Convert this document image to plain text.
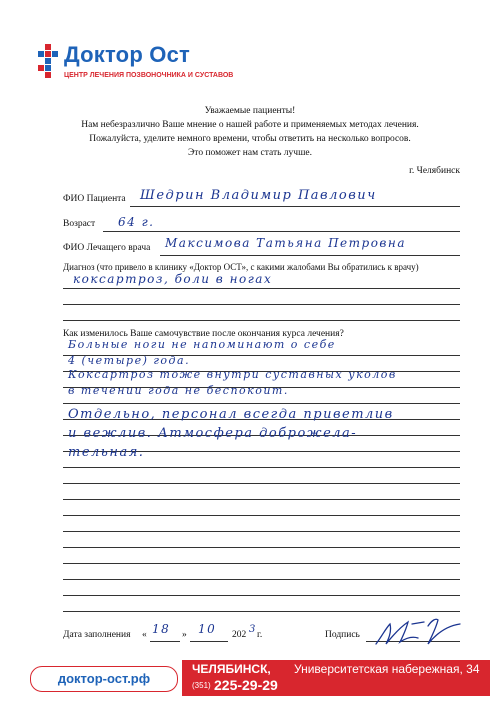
Доктор Ост
ЦЕНТР ЛЕЧЕНИЯ ПОЗВОНОЧНИКА И СУСТАВОВ
Уважаемые пациенты!
Нам небезразлично Ваше мнение о нашей работе и применяемых методах лечения.
Пожалуйста, уделите немного времени, чтобы ответить на несколько вопросов.
Это поможет нам стать лучше.
г. Челябинск
ФИО Пациента Шедрин Владимир Павлович
Возраст 64 г.
ФИО Лечащего врача Максимова Татьяна Петровна
Диагноз (что привело в клинику «Доктор ОСТ», с какими жалобами Вы обратились к врачу)
коксартроз, боли в ногах
Как изменилось Ваше самочувствие после окончания курса лечения?
Больные ноги не напоминают о себе
4 (четыре) года.
Коксартроз тоже внутри суставных уколов
в течении года не беспокоит.
Отдельно, персонал всегда приветлив
и вежлив. Атмосфера доброжела-
тельная.
Дата заполнения « 18 » 10 202 3 г.	Подпись
доктор-ост.рф
ЧЕЛЯБИНСК, Университетская набережная, 34
(351) 225-29-29
